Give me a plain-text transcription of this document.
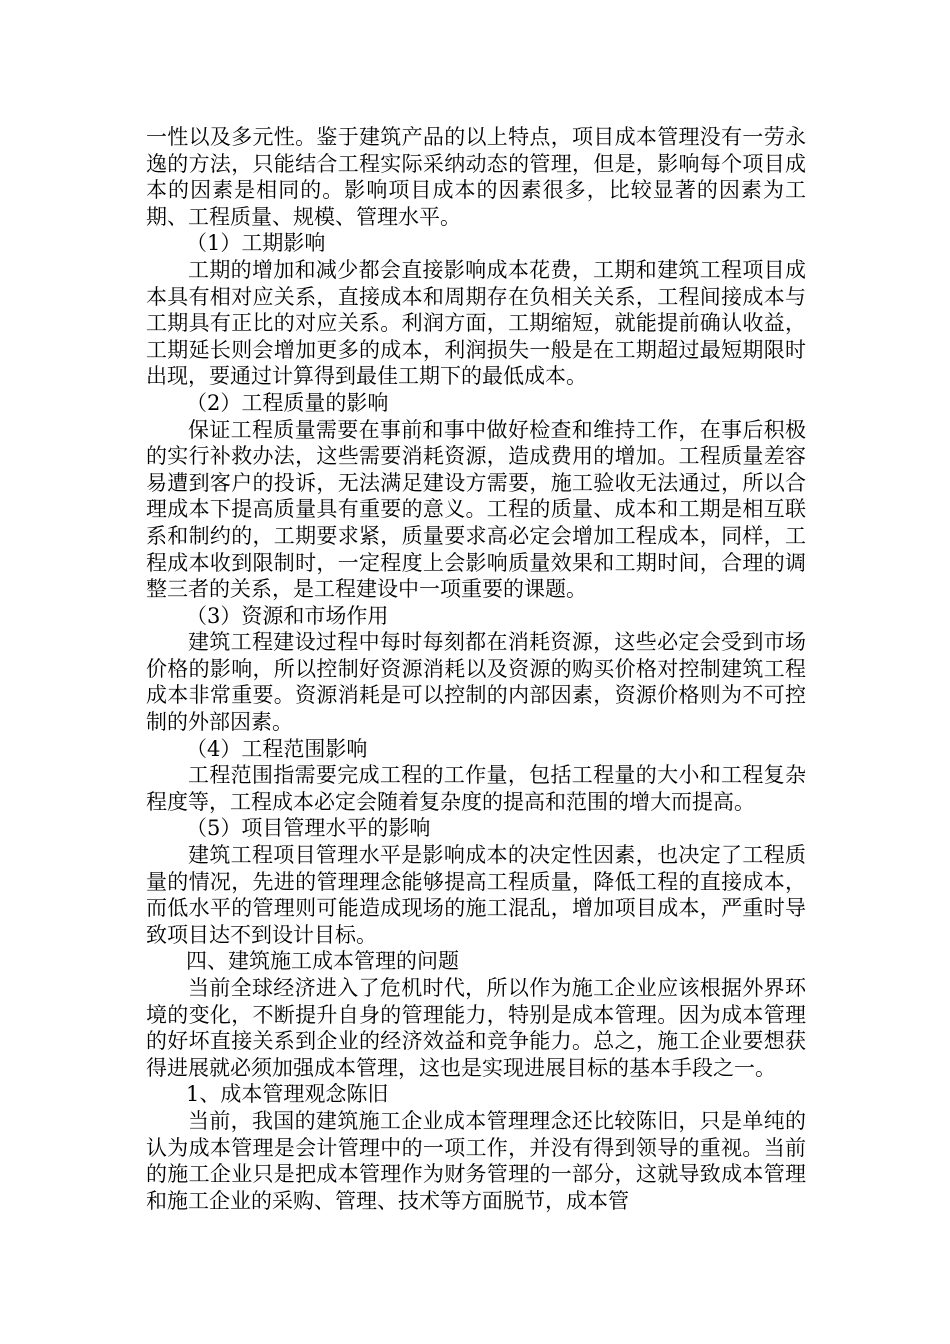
一性以及多元性。鉴于建筑产品的以上特点，项目成本管理没有一劳永逸的方法，只能结合工程实际采纳动态的管理，但是，影响每个项目成本的因素是相同的。影响项目成本的因素很多，比较显著的因素为工期、工程质量、规模、管理水平。

（1）工期影响

工期的增加和减少都会直接影响成本花费，工期和建筑工程项目成本具有相对应关系，直接成本和周期存在负相关关系，工程间接成本与工期具有正比的对应关系。利润方面，工期缩短，就能提前确认收益，工期延长则会增加更多的成本，利润损失一般是在工期超过最短期限时出现，要通过计算得到最佳工期下的最低成本。

（2）工程质量的影响

保证工程质量需要在事前和事中做好检查和维持工作，在事后积极的实行补救办法，这些需要消耗资源，造成费用的增加。工程质量差容易遭到客户的投诉，无法满足建设方需要，施工验收无法通过，所以合理成本下提高质量具有重要的意义。工程的质量、成本和工期是相互联系和制约的，工期要求紧，质量要求高必定会增加工程成本，同样，工程成本收到限制时，一定程度上会影响质量效果和工期时间，合理的调整三者的关系，是工程建设中一项重要的课题。

（3）资源和市场作用

建筑工程建设过程中每时每刻都在消耗资源，这些必定会受到市场价格的影响，所以控制好资源消耗以及资源的购买价格对控制建筑工程成本非常重要。资源消耗是可以控制的内部因素，资源价格则为不可控制的外部因素。

（4）工程范围影响

工程范围指需要完成工程的工作量，包括工程量的大小和工程复杂程度等，工程成本必定会随着复杂度的提高和范围的增大而提高。

（5）项目管理水平的影响

建筑工程项目管理水平是影响成本的决定性因素，也决定了工程质量的情况，先进的管理理念能够提高工程质量，降低工程的直接成本，而低水平的管理则可能造成现场的施工混乱，增加项目成本，严重时导致项目达不到设计目标。

四、建筑施工成本管理的问题

当前全球经济进入了危机时代，所以作为施工企业应该根据外界环境的变化，不断提升自身的管理能力，特别是成本管理。因为成本管理的好坏直接关系到企业的经济效益和竞争能力。总之，施工企业要想获得进展就必须加强成本管理，这也是实现进展目标的基本手段之一。

1、成本管理观念陈旧

当前，我国的建筑施工企业成本管理理念还比较陈旧，只是单纯的认为成本管理是会计管理中的一项工作，并没有得到领导的重视。当前的施工企业只是把成本管理作为财务管理的一部分，这就导致成本管理和施工企业的采购、管理、技术等方面脱节，成本管
